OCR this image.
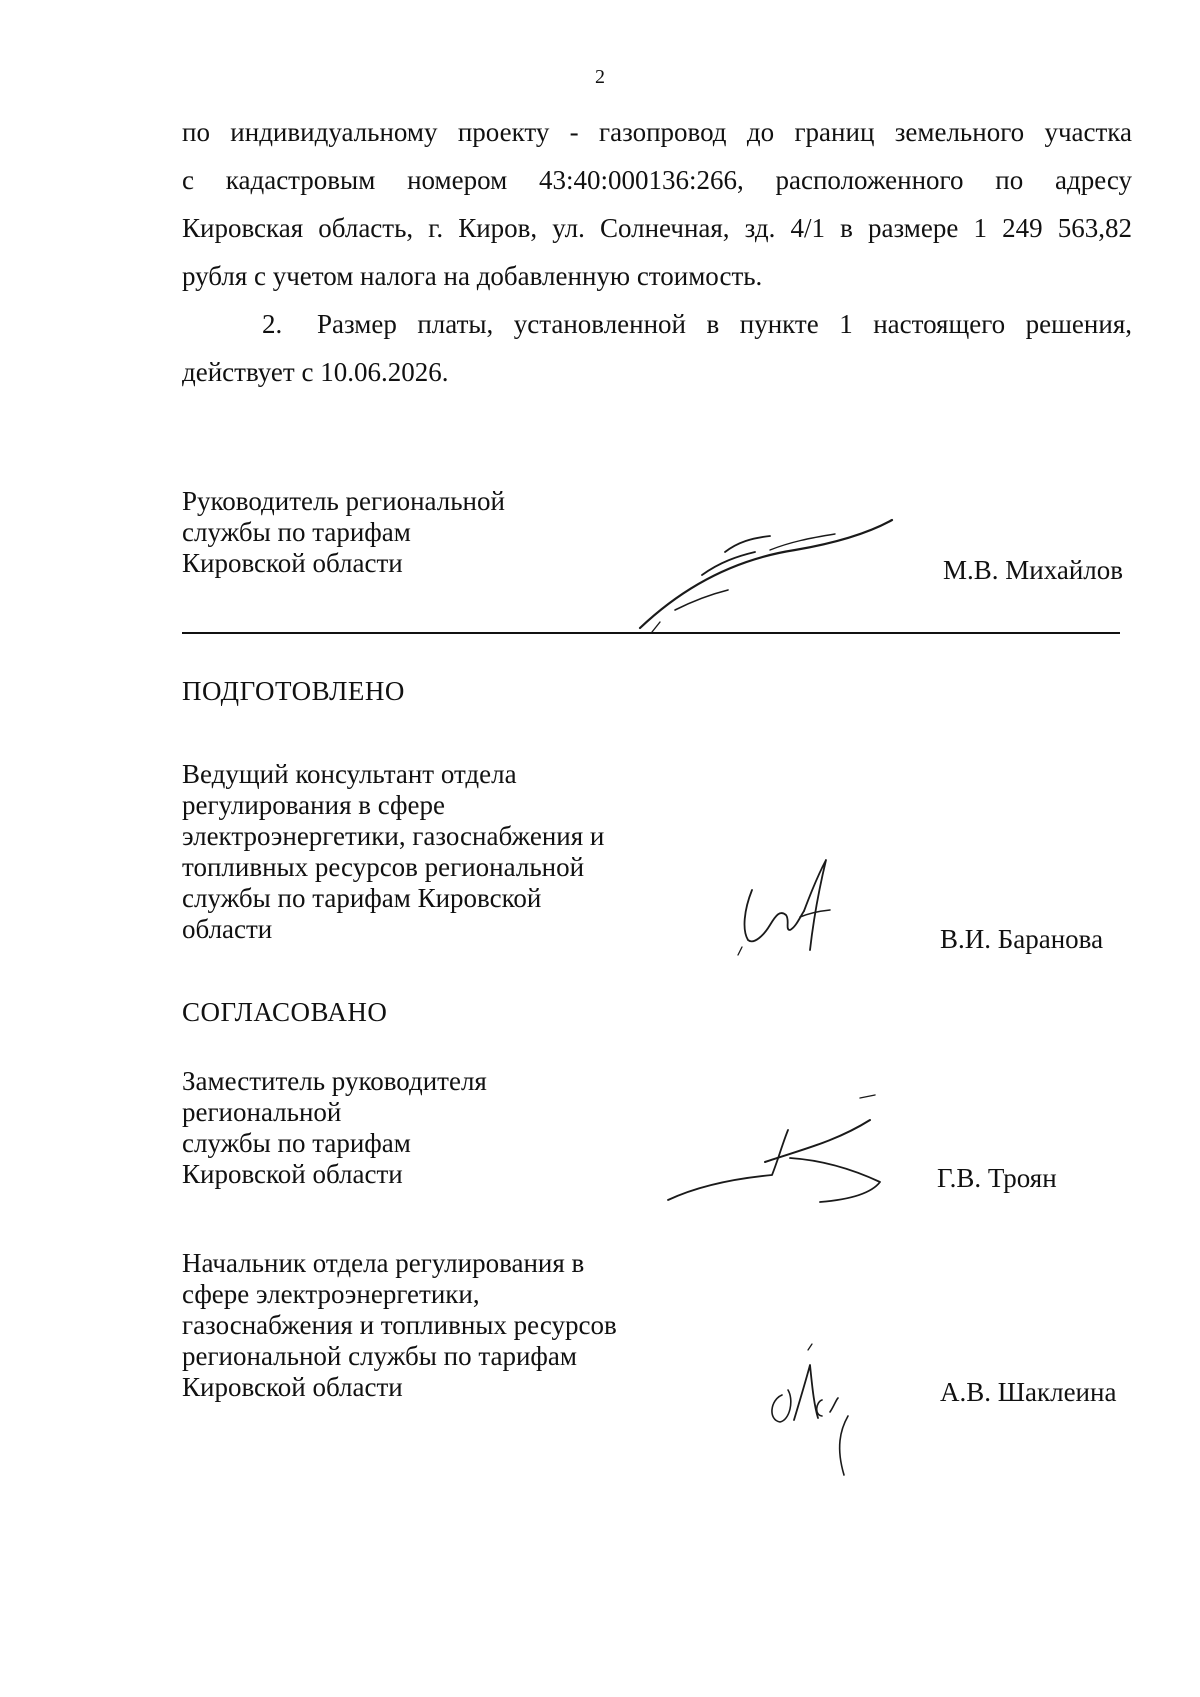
2

по индивидуальному проекту - газопровод до границ земельного участка
с кадастровым номером 43:40:000136:266, расположенного по адресу
Кировская область, г. Киров, ул. Солнечная, зд. 4/1 в размере 1 249 563,82
рубля с учетом налога на добавленную стоимость.

2. Размер платы, установленной в пункте 1 настоящего решения,
действует с 10.06.2026.

Руководитель региональной
службы по тарифам
Кировской области	М.В. Михайлов
ПОДГОТОВЛЕНО
Ведущий консультант отдела
регулирования в сфере
электроэнергетики, газоснабжения и
топливных ресурсов региональной
службы по тарифам Кировской
области	В.И. Баранова
СОГЛАСОВАНО
Заместитель руководителя
региональной
службы по тарифам
Кировской области	Г.В. Троян
Начальник отдела регулирования в
сфере электроэнергетики,
газоснабжения и топливных ресурсов
региональной службы по тарифам
Кировской области	А.В. Шаклеина
